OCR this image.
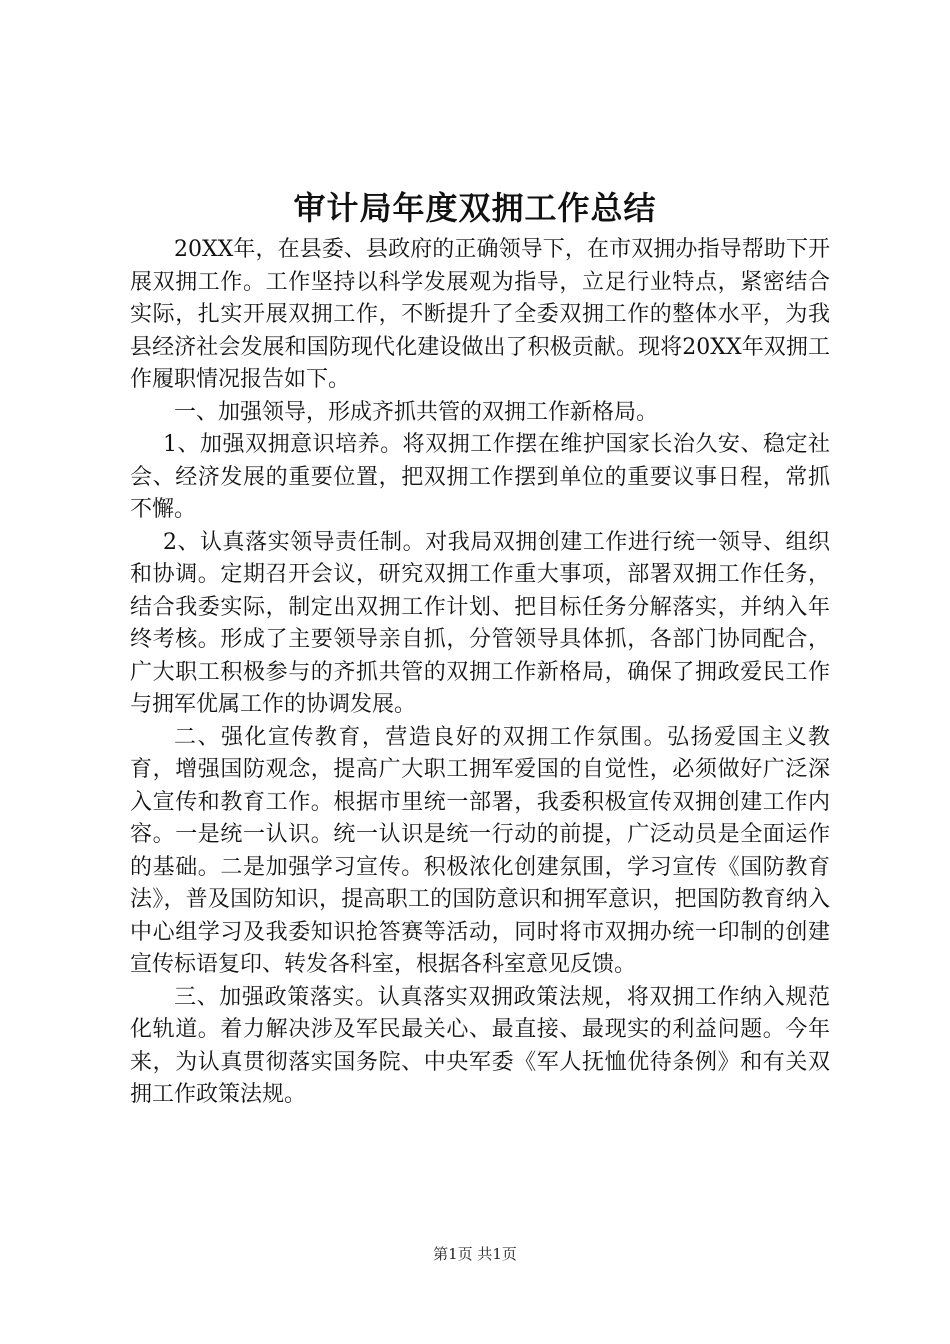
审计局年度双拥工作总结

20XX年，在县委、县政府的正确领导下，在市双拥办指导帮助下开展双拥工作。工作坚持以科学发展观为指导，立足行业特点，紧密结合实际，扎实开展双拥工作，不断提升了全委双拥工作的整体水平，为我县经济社会发展和国防现代化建设做出了积极贡献。现将20XX年双拥工作履职情况报告如下。

一、加强领导，形成齐抓共管的双拥工作新格局。

1、加强双拥意识培养。将双拥工作摆在维护国家长治久安、稳定社会、经济发展的重要位置，把双拥工作摆到单位的重要议事日程，常抓不懈。

2、认真落实领导责任制。对我局双拥创建工作进行统一领导、组织和协调。定期召开会议，研究双拥工作重大事项，部署双拥工作任务，结合我委实际，制定出双拥工作计划、把目标任务分解落实，并纳入年终考核。形成了主要领导亲自抓，分管领导具体抓，各部门协同配合，广大职工积极参与的齐抓共管的双拥工作新格局，确保了拥政爱民工作与拥军优属工作的协调发展。

二、强化宣传教育，营造良好的双拥工作氛围。弘扬爱国主义教育，增强国防观念，提高广大职工拥军爱国的自觉性，必须做好广泛深入宣传和教育工作。根据市里统一部署，我委积极宣传双拥创建工作内容。一是统一认识。统一认识是统一行动的前提，广泛动员是全面运作的基础。二是加强学习宣传。积极浓化创建氛围，学习宣传《国防教育法》，普及国防知识，提高职工的国防意识和拥军意识，把国防教育纳入中心组学习及我委知识抢答赛等活动，同时将市双拥办统一印制的创建宣传标语复印、转发各科室，根据各科室意见反馈。

三、加强政策落实。认真落实双拥政策法规，将双拥工作纳入规范化轨道。着力解决涉及军民最关心、最直接、最现实的利益问题。今年来，为认真贯彻落实国务院、中央军委《军人抚恤优待条例》和有关双拥工作政策法规。

第1页 共1页
